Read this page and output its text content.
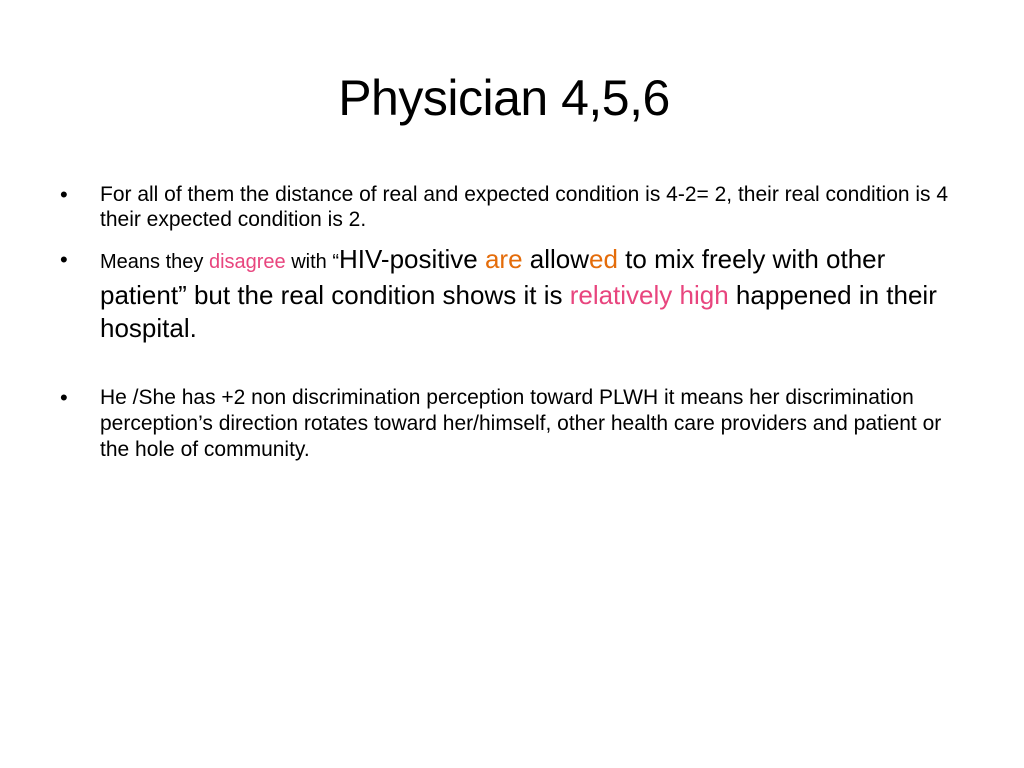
Physician 4,5,6
• For all of them the distance of real and expected condition is 4-2= 2, their real condition is 4 their expected condition is 2.
• Means they disagree with “HIV-positive are allowed to mix freely with other patient” but the real condition shows it is relatively high happened in their hospital.
• He /She has +2 non discrimination perception toward PLWH it means her discrimination perception’s direction rotates toward her/himself, other health care providers and patient or the hole of community.
